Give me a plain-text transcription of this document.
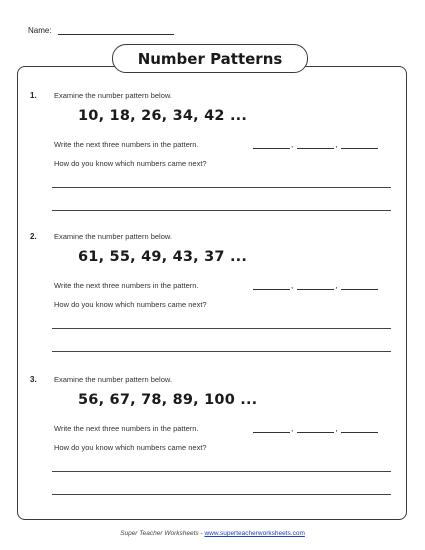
Name:
Number Patterns
1. Examine the number pattern below.
10, 18, 26, 34, 42 ...
Write the next three numbers in the pattern.	,	,
How do you know which numbers came next?
2. Examine the number pattern below.
61, 55, 49, 43, 37 ...
Write the next three numbers in the pattern.	,	,
How do you know which numbers came next?
3. Examine the number pattern below.
56, 67, 78, 89, 100 ...
Write the next three numbers in the pattern.	,	,
How do you know which numbers came next?
Super Teacher Worksheets - www.superteacherworksheets.com
